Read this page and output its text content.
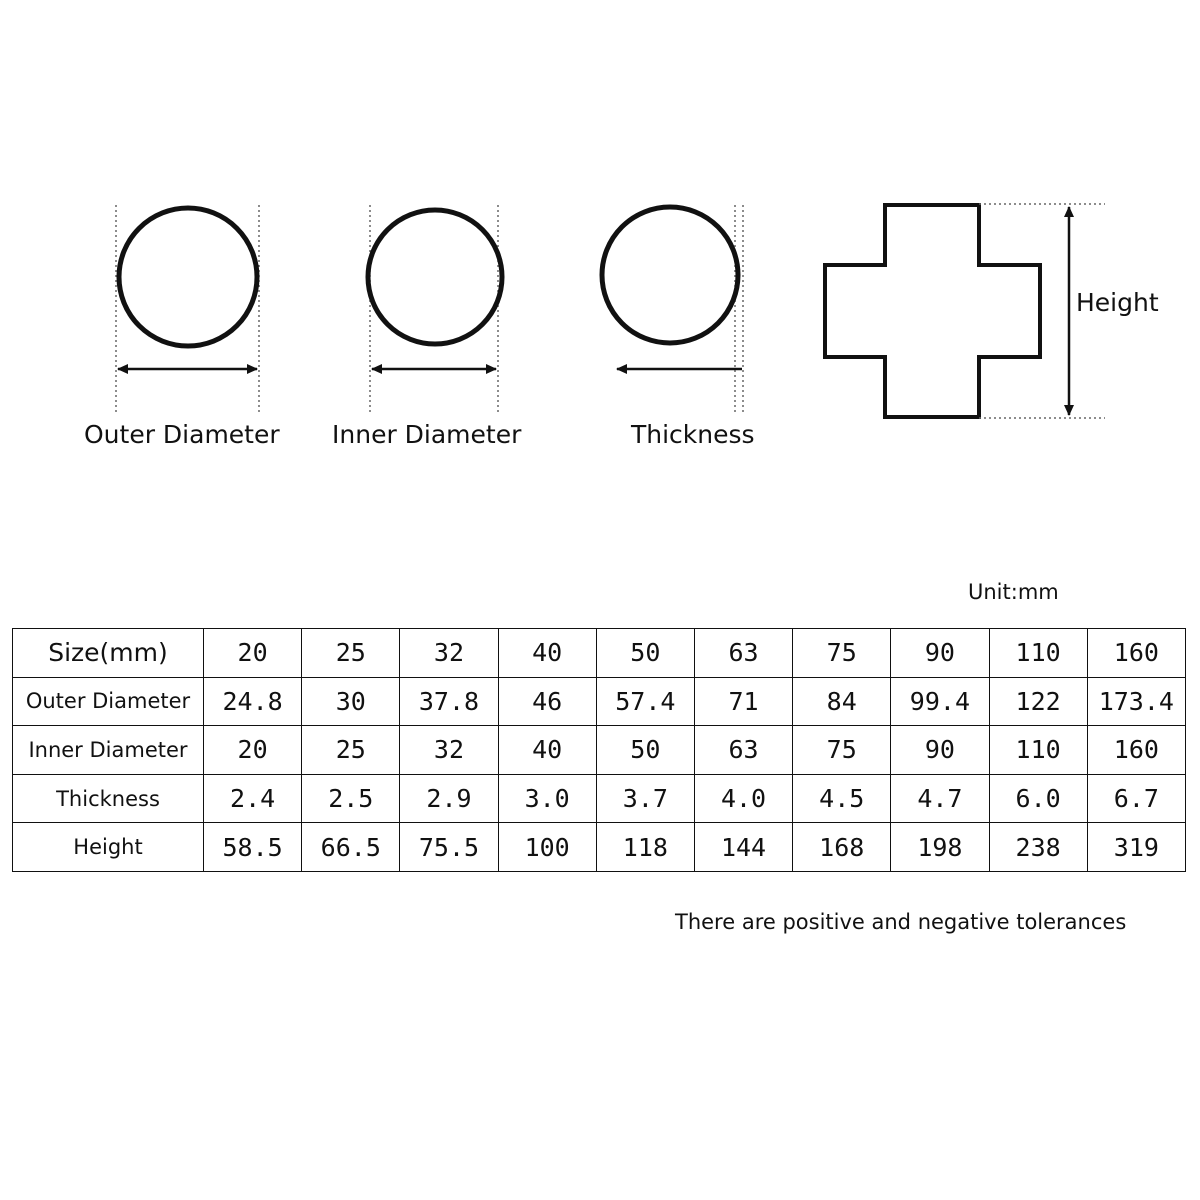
Outer Diameter Inner Diameter	Thickness
Height
Unit:mm
Size(mm)	20	25	32	40	50	63	75	90	110	160
Outer Diameter	24.8	30	37.8	46	57.4	71	84	99.4	122	173.4
Inner Diameter	20	25	32	40	50	63	75	90	110	160
Thickness	2.4	2.5	2.9	3.0	3.7	4.0	4.5	4.7	6.0	6.7
Height	58.5	66.5	75.5	100	118	144	168	198	238	319
There are positive and negative tolerances
